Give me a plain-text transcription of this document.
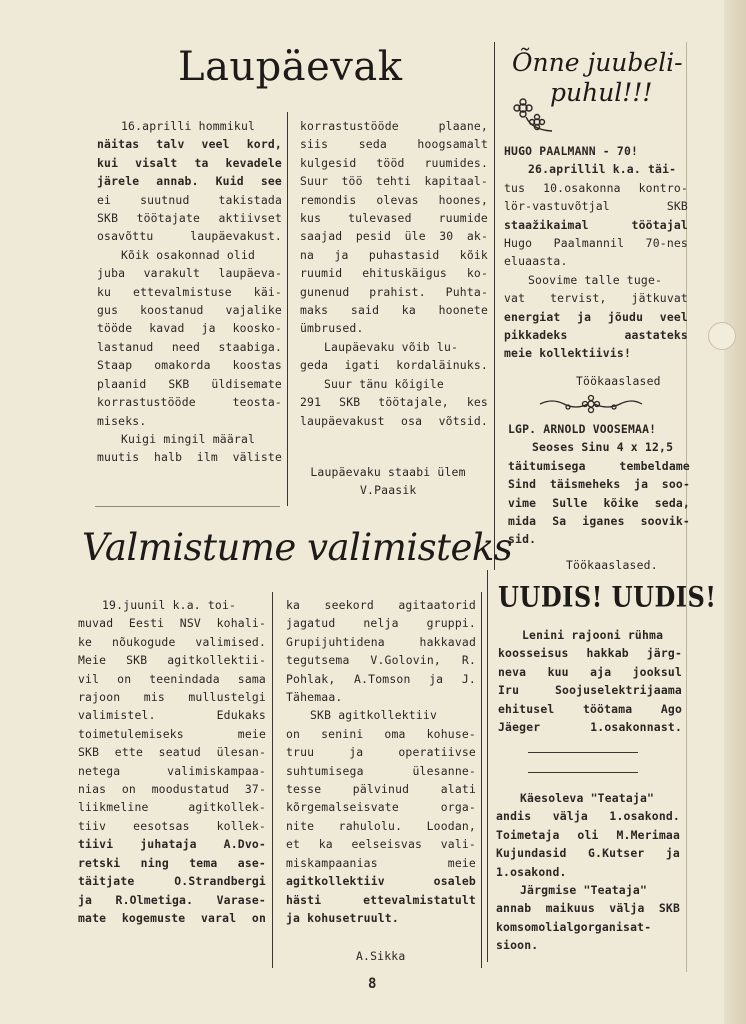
Laupäevak

16.aprilli hommikul

näitas talv veel kord,

kui visalt ta kevadele

järele annab. Kuid see

ei suutnud takistada

SKB töötajate aktiivset

osavõttu laupäevakust.

Kõik osakonnad olid

juba varakult laupäeva-

ku ettevalmistuse käi-

gus koostanud vajalike

tööde kavad ja koosko-

lastanud need staabiga.

Staap omakorda koostas

plaanid SKB üldisemate

korrastustööde teosta-

miseks.

Kuigi mingil määral

muutis halb ilm väliste

korrastustööde plaane,

siis seda hoogsamalt

kulgesid tööd ruumides.

Suur töö tehti kapitaal-

remondis olevas hoones,

kus tulevased ruumide

saajad pesid üle 30 ak-

na ja puhastasid kõik

ruumid ehituskäigus ko-

gunenud prahist. Puhta-

maks said ka hoonete

ümbrused.

Laupäevaku võib lu-

geda igati kordaläinuks.

Suur tänu kõigile

291 SKB töötajale, kes

laupäevakust osa võtsid.

Laupäevaku staabi ülem

V.Paasik

Valmistume valimisteks

19.juunil k.a. toi-

muvad Eesti NSV kohali-

ke nõukogude valimised.

Meie SKB agitkollektii-

vil on teenindada sama

rajoon mis mullustelgi

valimistel. Edukaks

toimetulemiseks meie

SKB ette seatud ülesan-

netega valimiskampaa-

nias on moodustatud 37-

liikmeline agitkollek-

tiiv eesotsas kollek-

tiivi juhataja A.Dvo-

retski ning tema ase-

täitjate O.Strandbergi

ja R.Olmetiga. Varase-

mate kogemuste varal on

ka seekord agitaatorid

jagatud nelja gruppi.

Grupijuhtidena hakkavad

tegutsema V.Golovin, R.

Pohlak, A.Tomson ja J.

Tähemaa.

SKB agitkollektiiv

on senini oma kohuse-

truu ja operatiivse

suhtumisega ülesanne-

tesse pälvinud alati

kõrgemalseisvate orga-

nite rahulolu. Loodan,

et ka eelseisvas vali-

miskampaanias meie

agitkollektiiv osaleb

hästi ettevalmistatult

ja kohusetruult.

A.Sikka
Õnne juubeli-
puhul!!!

HUGO PAALMANN - 70!

26.aprillil k.a. täi-

tus 10.osakonna kontro-

lör-vastuvõtjal SKB

staažikaimal töötajal

Hugo Paalmannil 70-nes

eluaasta.

Soovime talle tuge-

vat tervist, jätkuvat

energiat ja jõudu veel

pikkadeks aastateks

meie kollektiivis!

Töökaaslased

LGP. ARNOLD VOOSEMAA!

Seoses Sinu 4 x 12,5

täitumisega tembeldame

Sind täismeheks ja soo-

vime Sulle kõike seda,

mida Sa iganes soovik-

sid.

Töökaaslased.
UUDIS! UUDIS!

Lenini rajooni rühma

koosseisus hakkab järg-

neva kuu aja jooksul

Iru Soojuselektrijaama

ehitusel töötama Ago

Jäeger 1.osakonnast.

Käesoleva "Teataja"

andis välja 1.osakond.

Toimetaja oli M.Merimaa

Kujundasid G.Kutser ja

1.osakond.

Järgmise "Teataja"

annab maikuus välja SKB

komsomolialgorganisat-

sioon.

8
